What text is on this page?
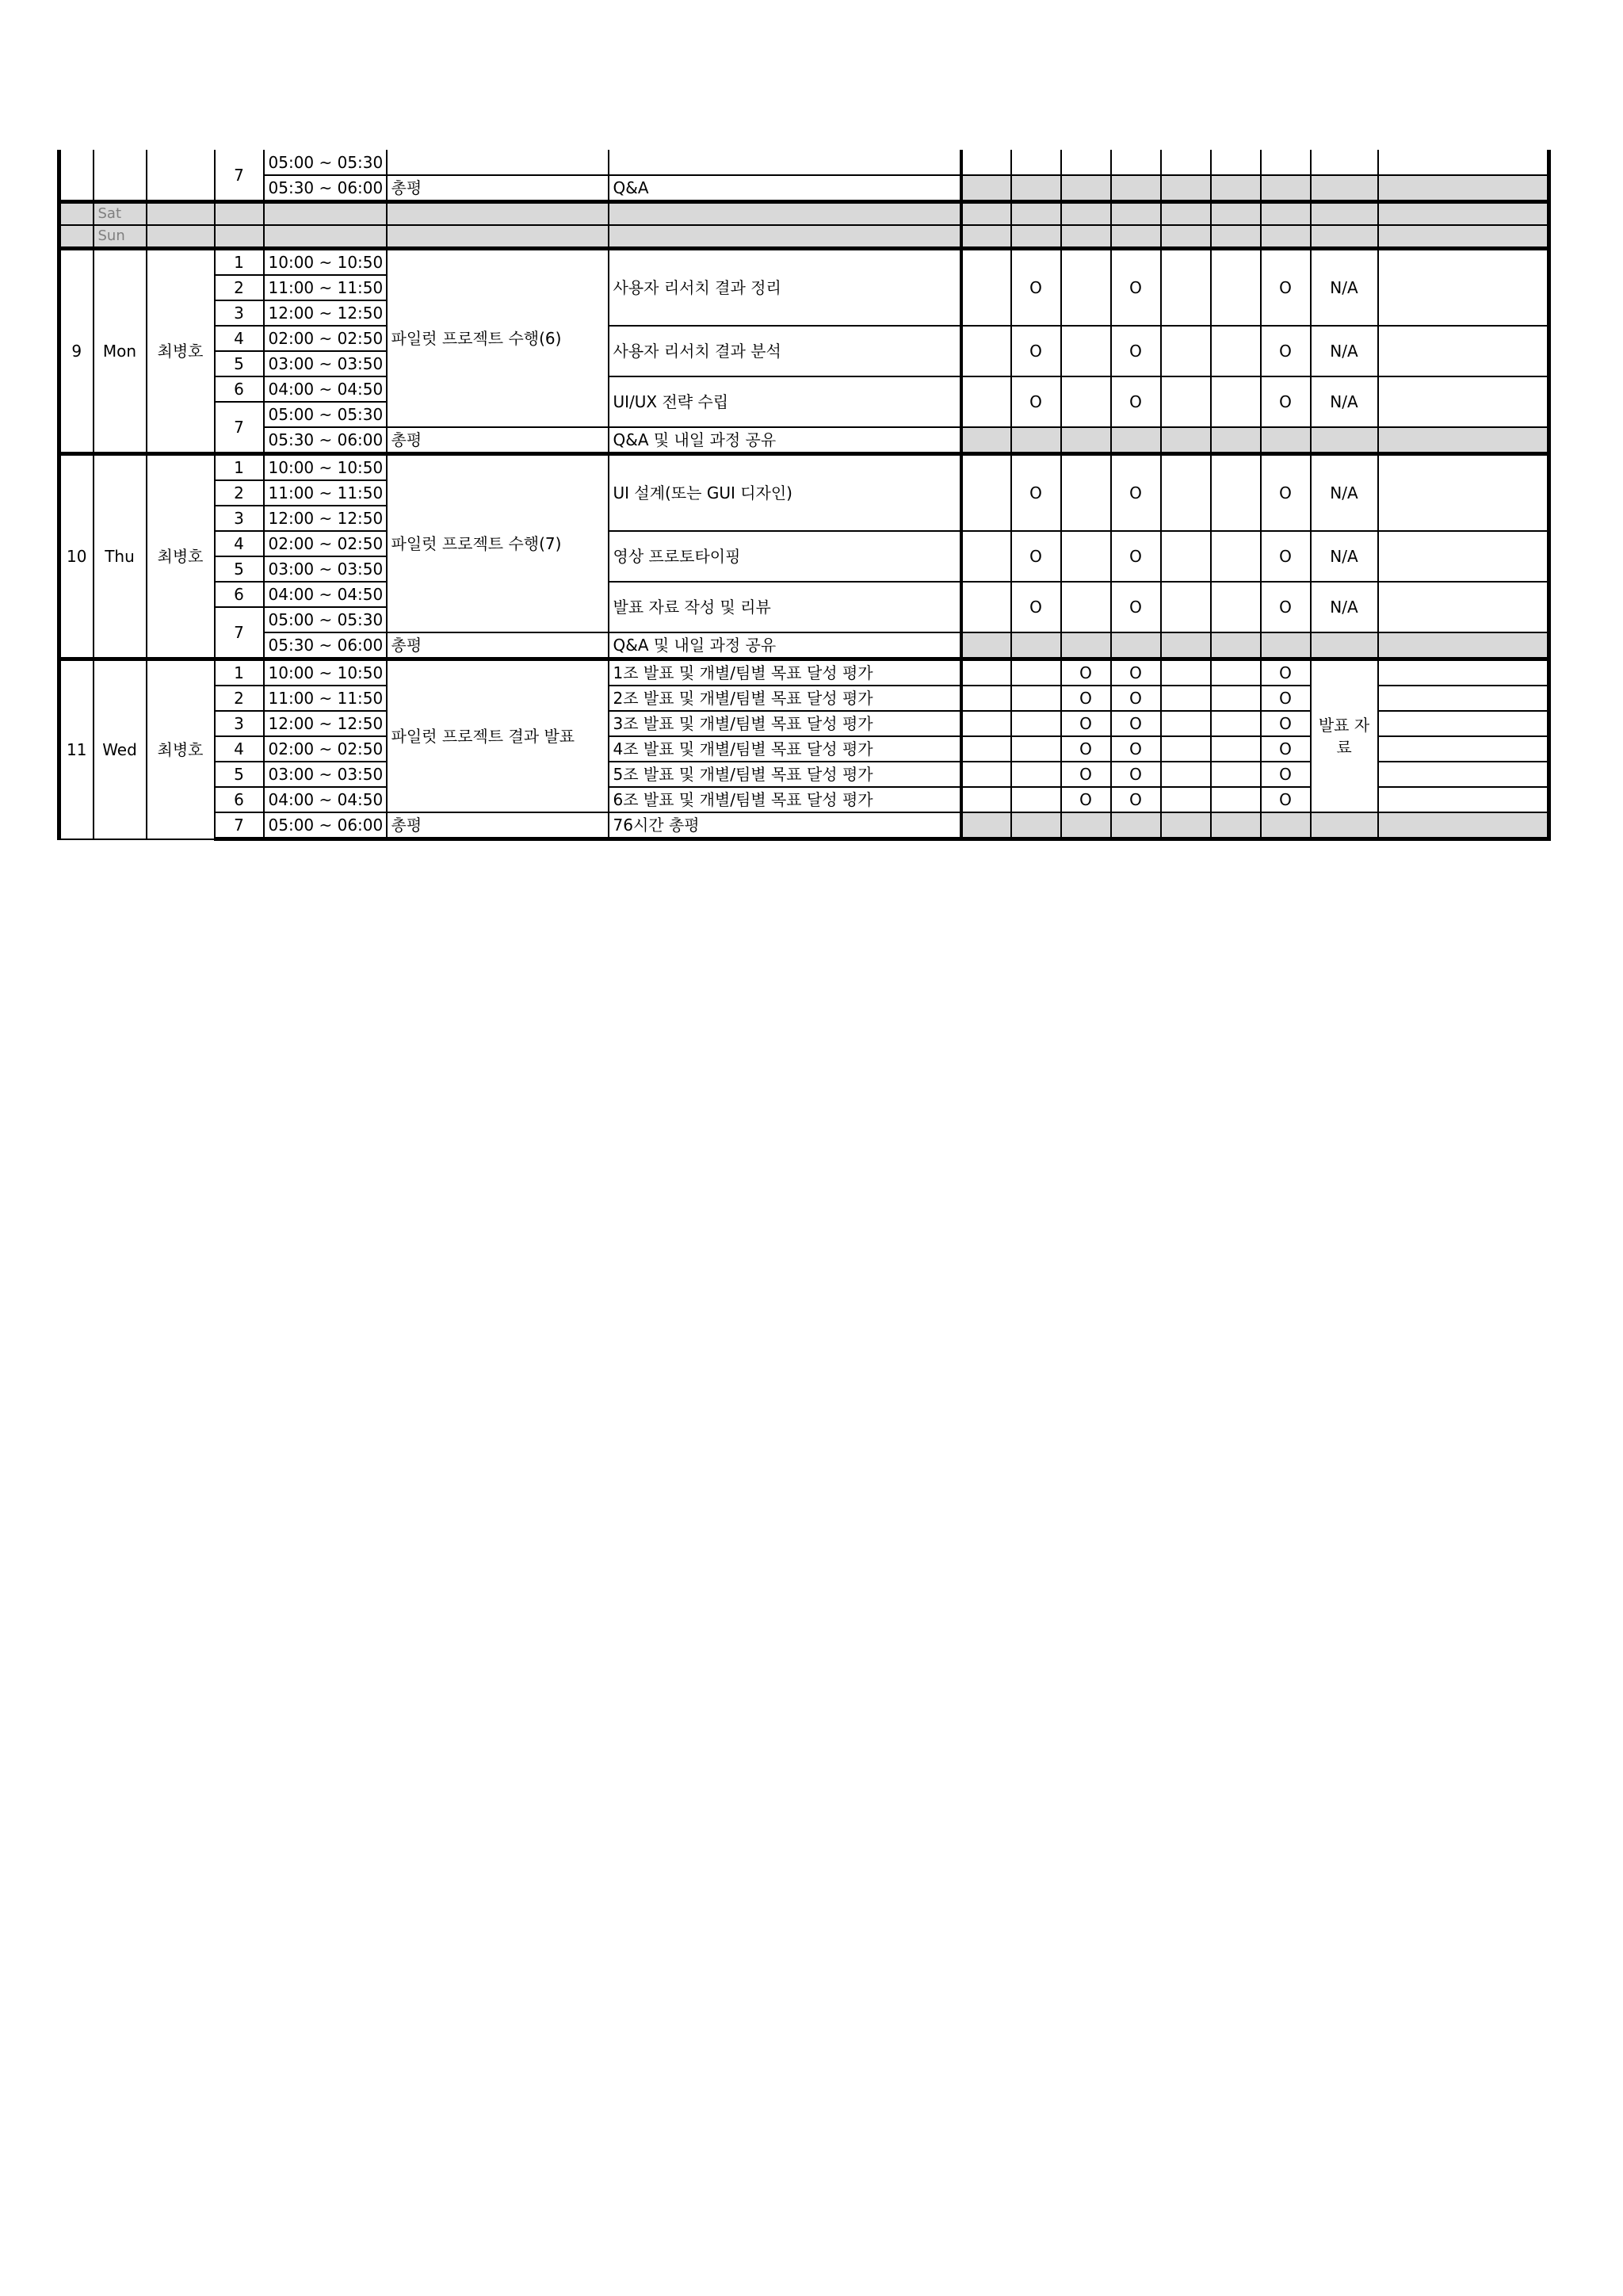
			7	05:00 ~ 05:30											
				05:30 ~ 06:00	총평	Q&A									
	Sat														
	Sun														
9	Mon	최병호	1	10:00 ~ 10:50	파일럿 프로젝트 수행(6)	사용자 리서치 결과 정리		O		O			O	N/A	
			2	11:00 ~ 11:50											
			3	12:00 ~ 12:50											
			4	02:00 ~ 02:50		사용자 리서치 결과 분석		O		O			O	N/A	
			5	03:00 ~ 03:50											
			6	04:00 ~ 04:50		UI/UX 전략 수립		O		O			O	N/A	
			7	05:00 ~ 05:30											
				05:30 ~ 06:00	총평	Q&A 및 내일 과정 공유									
10	Thu	최병호	1	10:00 ~ 10:50	파일럿 프로젝트 수행(7)	UI 설계(또는 GUI 디자인)		O		O			O	N/A	
			2	11:00 ~ 11:50											
			3	12:00 ~ 12:50											
			4	02:00 ~ 02:50		영상 프로토타이핑		O		O			O	N/A	
			5	03:00 ~ 03:50											
			6	04:00 ~ 04:50		발표 자료 작성 및 리뷰		O		O			O	N/A	
			7	05:00 ~ 05:30											
				05:30 ~ 06:00	총평	Q&A 및 내일 과정 공유									
11	Wed	최병호	1	10:00 ~ 10:50	파일럿 프로젝트 결과 발표	1조 발표 및 개별/팀별 목표 달성 평가			O	O			O	발표 자료	
			2	11:00 ~ 11:50		2조 발표 및 개별/팀별 목표 달성 평가			O	O			O		
			3	12:00 ~ 12:50		3조 발표 및 개별/팀별 목표 달성 평가			O	O			O		
			4	02:00 ~ 02:50		4조 발표 및 개별/팀별 목표 달성 평가			O	O			O		
			5	03:00 ~ 03:50		5조 발표 및 개별/팀별 목표 달성 평가			O	O			O		
			6	04:00 ~ 04:50		6조 발표 및 개별/팀별 목표 달성 평가			O	O			O		
			7	05:00 ~ 06:00	총평	76시간 총평									
